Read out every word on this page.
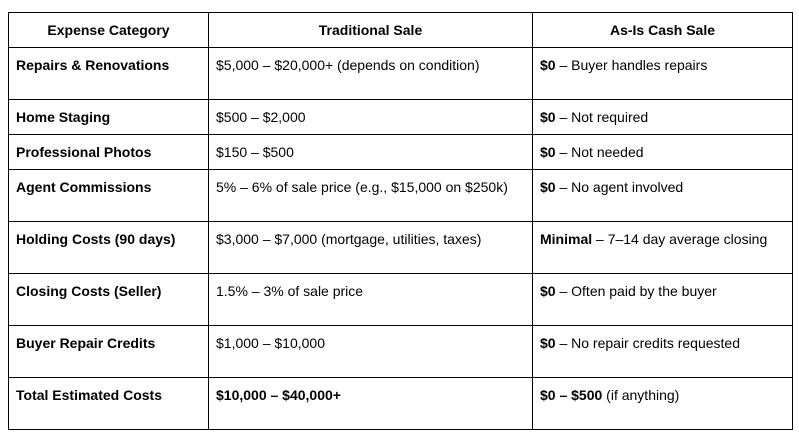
Expense Category	Traditional Sale	As-Is Cash Sale
Repairs & Renovations	$5,000 – $20,000+ (depends on condition)	$0 – Buyer handles repairs
Home Staging	$500 – $2,000	$0 – Not required
Professional Photos	$150 – $500	$0 – Not needed
Agent Commissions	5% – 6% of sale price (e.g., $15,000 on $250k)	$0 – No agent involved
Holding Costs (90 days)	$3,000 – $7,000 (mortgage, utilities, taxes)	Minimal – 7–14 day average closing
Closing Costs (Seller)	1.5% – 3% of sale price	$0 – Often paid by the buyer
Buyer Repair Credits	$1,000 – $10,000	$0 – No repair credits requested
Total Estimated Costs	$10,000 – $40,000+	$0 – $500 (if anything)
